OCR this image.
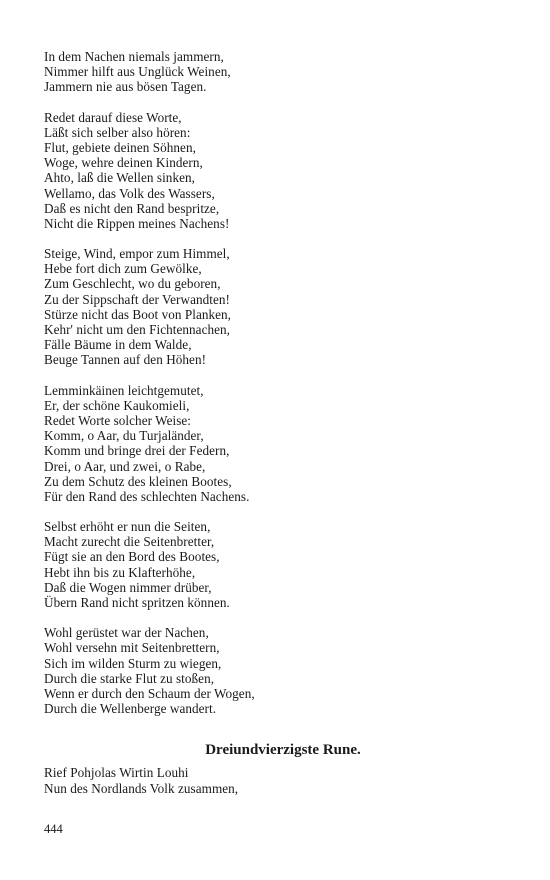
In dem Nachen niemals jammern,
Nimmer hilft aus Unglück Weinen,
Jammern nie aus bösen Tagen.
Redet darauf diese Worte,
Läßt sich selber also hören:
Flut, gebiete deinen Söhnen,
Woge, wehre deinen Kindern,
Ahto, laß die Wellen sinken,
Wellamo, das Volk des Wassers,
Daß es nicht den Rand bespritze,
Nicht die Rippen meines Nachens!
Steige, Wind, empor zum Himmel,
Hebe fort dich zum Gewölke,
Zum Geschlecht, wo du geboren,
Zu der Sippschaft der Verwandten!
Stürze nicht das Boot von Planken,
Kehr' nicht um den Fichtennachen,
Fälle Bäume in dem Walde,
Beuge Tannen auf den Höhen!
Lemminkäinen leichtgemutet,
Er, der schöne Kaukomieli,
Redet Worte solcher Weise:
Komm, o Aar, du Turjaländer,
Komm und bringe drei der Federn,
Drei, o Aar, und zwei, o Rabe,
Zu dem Schutz des kleinen Bootes,
Für den Rand des schlechten Nachens.
Selbst erhöht er nun die Seiten,
Macht zurecht die Seitenbretter,
Fügt sie an den Bord des Bootes,
Hebt ihn bis zu Klafterhöhe,
Daß die Wogen nimmer drüber,
Übern Rand nicht spritzen können.
Wohl gerüstet war der Nachen,
Wohl versehn mit Seitenbrettern,
Sich im wilden Sturm zu wiegen,
Durch die starke Flut zu stoßen,
Wenn er durch den Schaum der Wogen,
Durch die Wellenberge wandert.
Dreiundvierzigste Rune.
Rief Pohjolas Wirtin Louhi
Nun des Nordlands Volk zusammen,
444
